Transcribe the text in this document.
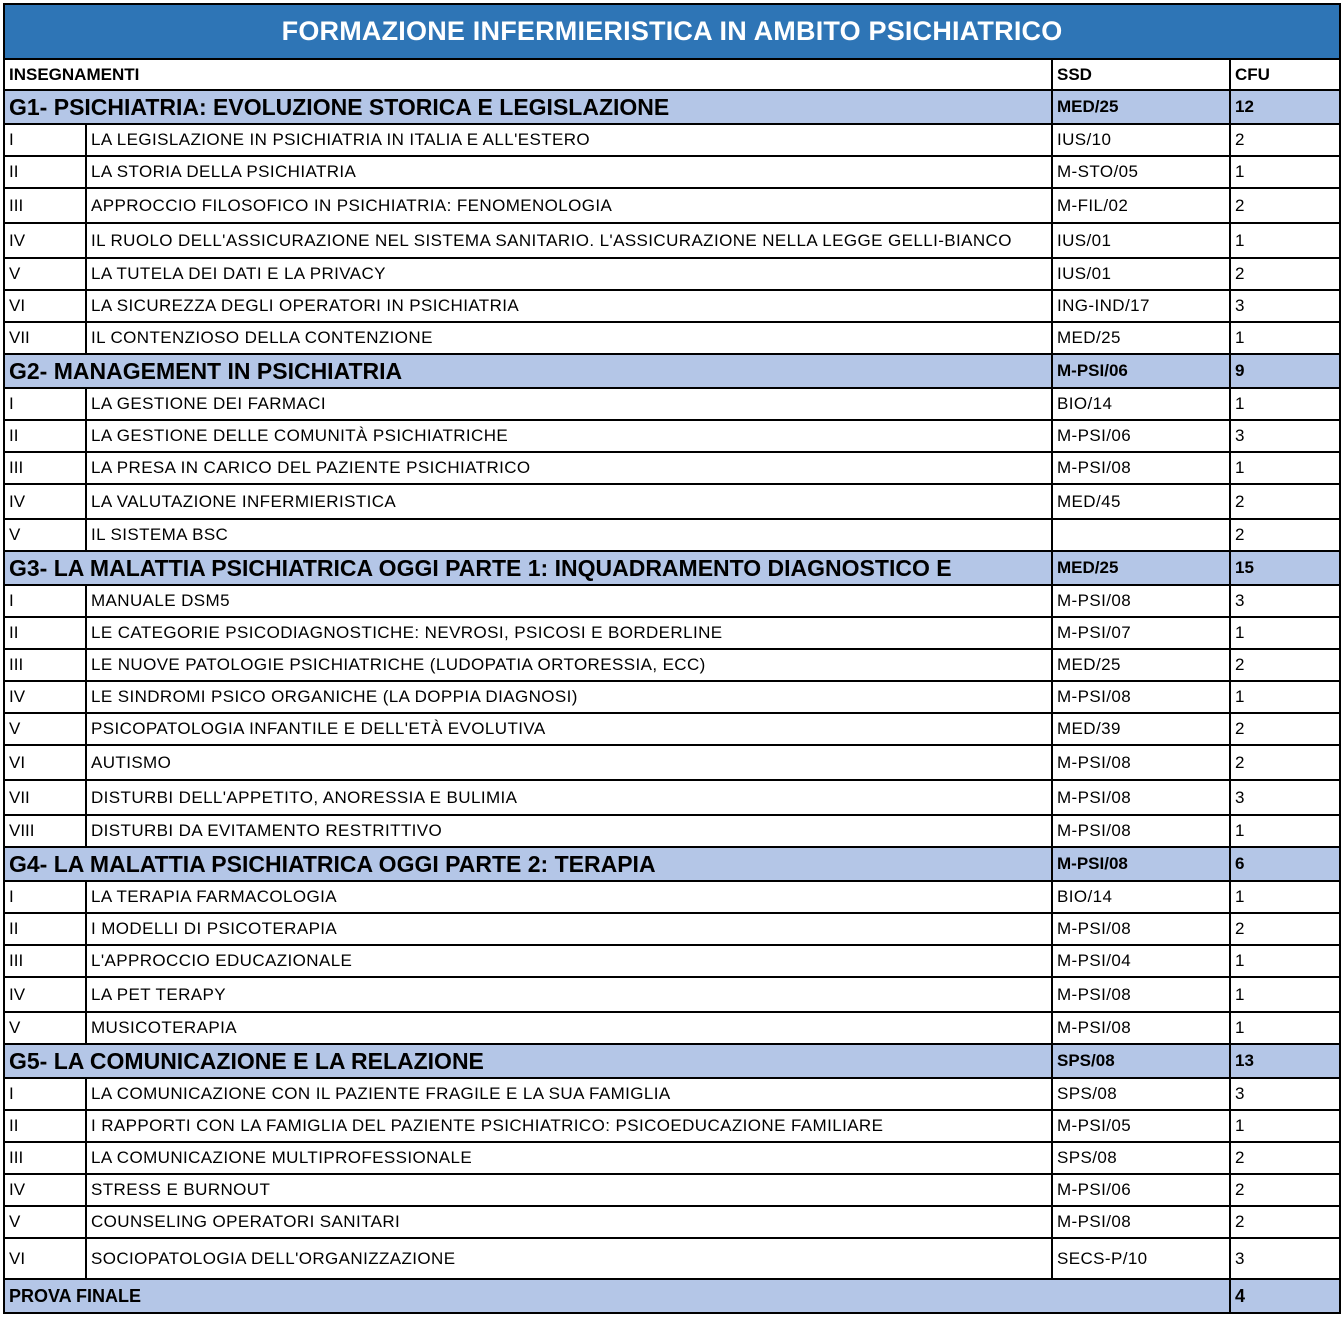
FORMAZIONE INFERMIERISTICA IN AMBITO PSICHIATRICO			
INSEGNAMENTI		SSD	CFU
G1- PSICHIATRIA: EVOLUZIONE STORICA E LEGISLAZIONE		MED/25	12
I	LA LEGISLAZIONE IN PSICHIATRIA IN ITALIA E ALL'ESTERO	IUS/10	2
II	LA STORIA DELLA PSICHIATRIA	M-STO/05	1
III	APPROCCIO FILOSOFICO IN PSICHIATRIA: FENOMENOLOGIA	M-FIL/02	2
IV	IL RUOLO DELL'ASSICURAZIONE NEL SISTEMA SANITARIO. L'ASSICURAZIONE NELLA LEGGE GELLI-BIANCO	IUS/01	1
V	LA TUTELA DEI DATI E LA PRIVACY	IUS/01	2
VI	LA SICUREZZA DEGLI OPERATORI IN PSICHIATRIA	ING-IND/17	3
VII	IL CONTENZIOSO DELLA CONTENZIONE	MED/25	1
G2- MANAGEMENT IN PSICHIATRIA		M-PSI/06	9
I	LA GESTIONE DEI FARMACI	BIO/14	1
II	LA GESTIONE DELLE COMUNITÀ PSICHIATRICHE	M-PSI/06	3
III	LA PRESA IN CARICO DEL PAZIENTE PSICHIATRICO	M-PSI/08	1
IV	LA VALUTAZIONE INFERMIERISTICA	MED/45	2
V	IL SISTEMA BSC		2
G3- LA MALATTIA PSICHIATRICA OGGI PARTE 1: INQUADRAMENTO DIAGNOSTICO E		MED/25	15
I	MANUALE DSM5	M-PSI/08	3
II	LE CATEGORIE PSICODIAGNOSTICHE: NEVROSI, PSICOSI E BORDERLINE	M-PSI/07	1
III	LE NUOVE PATOLOGIE PSICHIATRICHE (LUDOPATIA ORTORESSIA, ECC)	MED/25	2
IV	LE SINDROMI PSICO ORGANICHE (LA DOPPIA DIAGNOSI)	M-PSI/08	1
V	PSICOPATOLOGIA INFANTILE E DELL'ETÀ EVOLUTIVA	MED/39	2
VI	AUTISMO	M-PSI/08	2
VII	DISTURBI DELL'APPETITO, ANORESSIA E BULIMIA	M-PSI/08	3
VIII	DISTURBI DA EVITAMENTO RESTRITTIVO	M-PSI/08	1
G4- LA MALATTIA PSICHIATRICA OGGI PARTE 2: TERAPIA		M-PSI/08	6
I	LA TERAPIA FARMACOLOGIA	BIO/14	1
II	I MODELLI DI PSICOTERAPIA	M-PSI/08	2
III	L'APPROCCIO EDUCAZIONALE	M-PSI/04	1
IV	LA PET TERAPY	M-PSI/08	1
V	MUSICOTERAPIA	M-PSI/08	1
G5- LA COMUNICAZIONE E LA RELAZIONE		SPS/08	13
I	LA COMUNICAZIONE CON IL PAZIENTE FRAGILE E LA SUA FAMIGLIA	SPS/08	3
II	I RAPPORTI CON LA FAMIGLIA DEL PAZIENTE PSICHIATRICO: PSICOEDUCAZIONE FAMILIARE	M-PSI/05	1
III	LA COMUNICAZIONE MULTIPROFESSIONALE	SPS/08	2
IV	STRESS E BURNOUT	M-PSI/06	2
V	COUNSELING OPERATORI SANITARI	M-PSI/08	2
VI	SOCIOPATOLOGIA DELL'ORGANIZZAZIONE	SECS-P/10	3
PROVA FINALE			4
